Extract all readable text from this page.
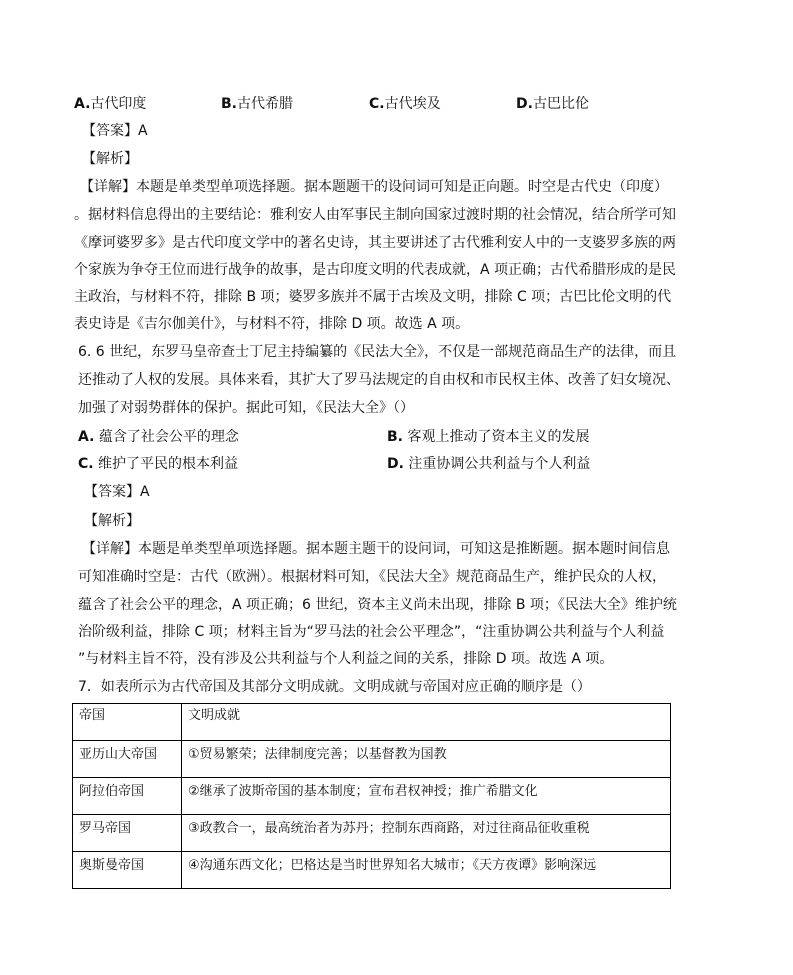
A.古代印度	B.古代希腊	C.古代埃及	D.古巴比伦
【答案】A
【解析】
【详解】本题是单类型单项选择题。据本题题干的设问词可知是正向题。时空是古代史（印度）
。据材料信息得出的主要结论：雅利安人由军事民主制向国家过渡时期的社会情况，结合所学可知
《摩诃婆罗多》是古代印度文学中的著名史诗，其主要讲述了古代雅利安人中的一支婆罗多族的两
个家族为争夺王位而进行战争的故事，是古印度文明的代表成就，A 项正确；古代希腊形成的是民
主政治，与材料不符，排除 B 项；婆罗多族并不属于古埃及文明，排除 C 项；古巴比伦文明的代
表史诗是《吉尔伽美什》，与材料不符，排除 D 项。故选 A 项。
6. 6 世纪，东罗马皇帝查士丁尼主持编纂的《民法大全》，不仅是一部规范商品生产的法律，而且
还推动了人权的发展。具体来看，其扩大了罗马法规定的自由权和市民权主体、改善了妇女境况、
加强了对弱势群体的保护。据此可知，《民法大全》（）
A. 蕴含了社会公平的理念	B. 客观上推动了资本主义的发展
C. 维护了平民的根本利益	D. 注重协调公共利益与个人利益
【答案】A
【解析】
【详解】本题是单类型单项选择题。据本题主题干的设问词，可知这是推断题。据本题时间信息
可知准确时空是：古代（欧洲）。根据材料可知，《民法大全》规范商品生产，维护民众的人权，
蕴含了社会公平的理念，A 项正确；6 世纪，资本主义尚未出现，排除 B 项；《民法大全》维护统
治阶级利益，排除 C 项；材料主旨为“罗马法的社会公平理念”，“注重协调公共利益与个人利益
”与材料主旨不符，没有涉及公共利益与个人利益之间的关系，排除 D 项。故选 A 项。
7．如表所示为古代帝国及其部分文明成就。文明成就与帝国对应正确的顺序是（）
帝国	文明成就
亚历山大帝国	①贸易繁荣；法律制度完善；以基督教为国教
阿拉伯帝国	②继承了波斯帝国的基本制度；宣布君权神授；推广希腊文化
罗马帝国	③政教合一，最高统治者为苏丹；控制东西商路，对过往商品征收重税
奥斯曼帝国	④沟通东西文化；巴格达是当时世界知名大城市；《天方夜谭》影响深远
